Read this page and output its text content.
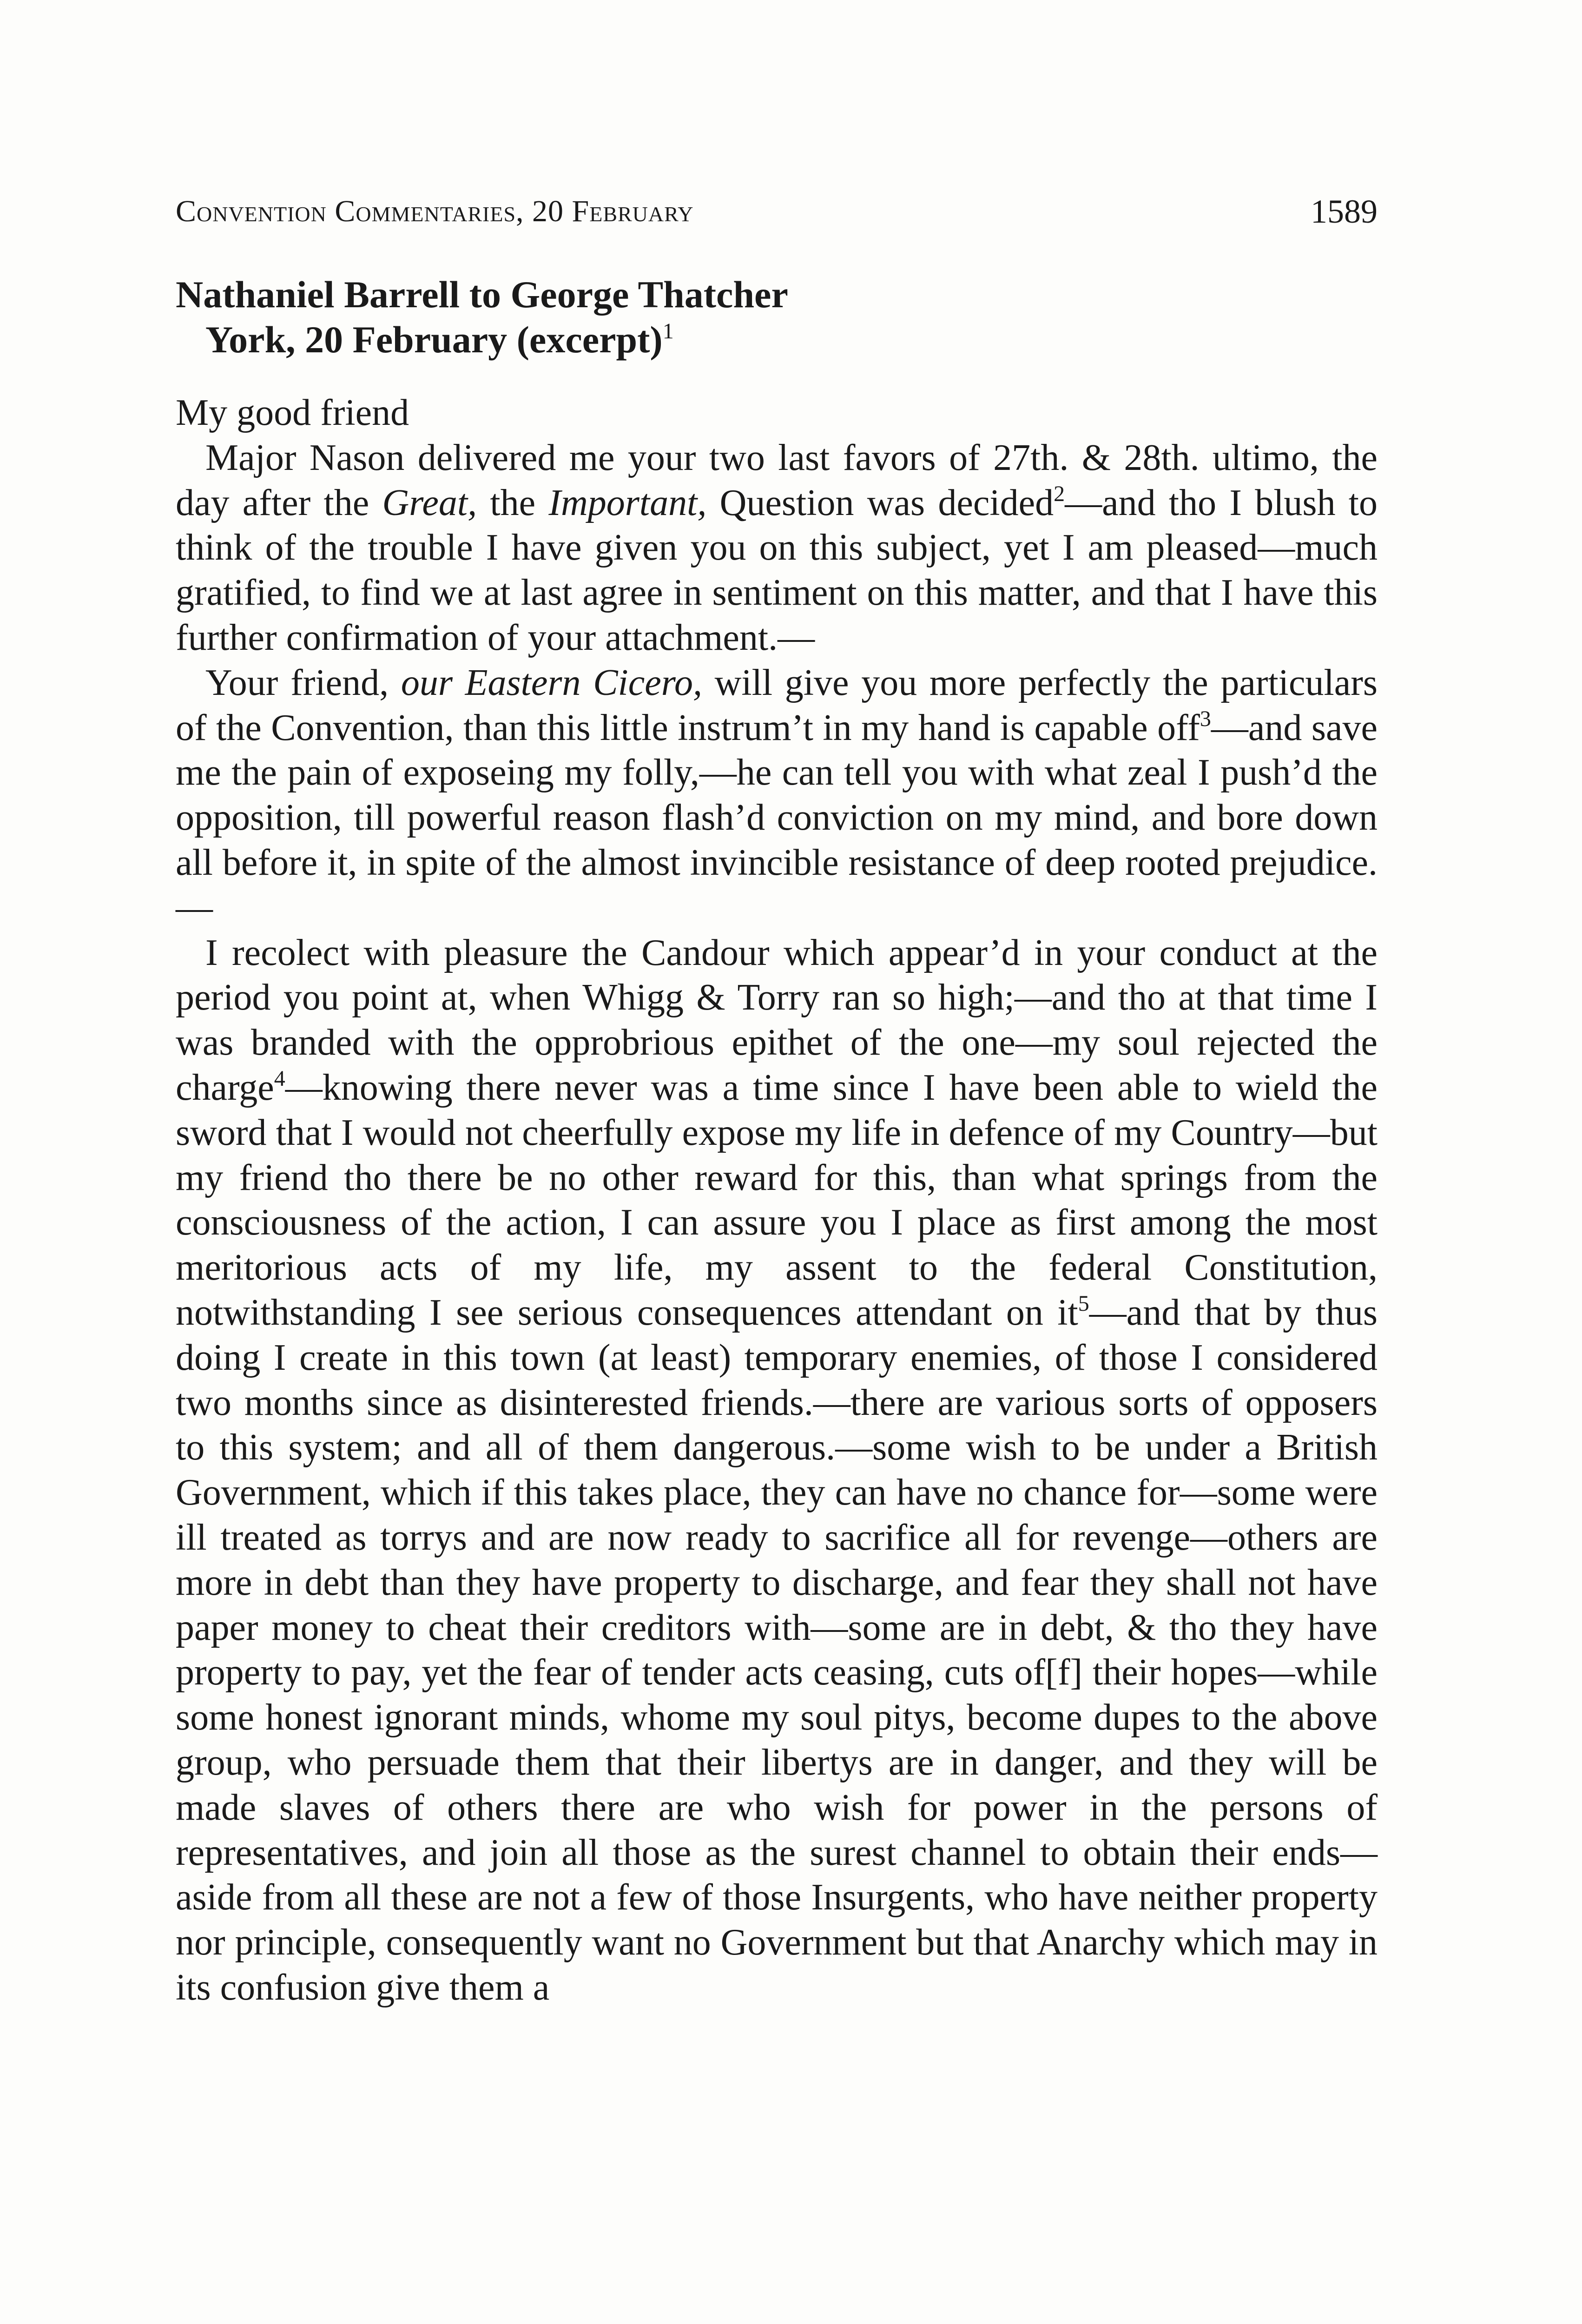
Convention Commentaries, 20 February	1589
Nathaniel Barrell to George Thatcher
York, 20 February (excerpt)$^1$

My good friend

Major Nason delivered me your two last favors of 27th. & 28th. ultimo, the day after the Great, the Important, Question was decided$^2$—and tho I blush to think of the trouble I have given you on this subject, yet I am pleased—much gratified, to find we at last agree in sentiment on this matter, and that I have this further confirmation of your attachment.—

Your friend, our Eastern Cicero, will give you more perfectly the particulars of the Convention, than this little instrum’t in my hand is capable off$^3$—and save me the pain of exposeing my folly,—he can tell you with what zeal I push’d the opposition, till powerful reason flash’d conviction on my mind, and bore down all before it, in spite of the almost invincible resistance of deep rooted prejudice.—

I recolect with pleasure the Candour which appear’d in your conduct at the period you point at, when Whigg & Torry ran so high;—and tho at that time I was branded with the opprobrious epithet of the one—my soul rejected the charge$^4$—knowing there never was a time since I have been able to wield the sword that I would not cheerfully expose my life in defence of my Country—but my friend tho there be no other reward for this, than what springs from the consciousness of the action, I can assure you I place as first among the most meritorious acts of my life, my assent to the federal Constitution, notwithstanding I see serious consequences attendant on $it^5—and$ that by thus doing I create in this town (at least) temporary enemies, of those I considered two months since as disinterested friends.—there are various sorts of opposers to this system; and all of them dangerous.—some wish to be under a British Government, which if this takes place, they can have no chance for—some were ill treated as torrys and are now ready to sacrifice all for revenge—others are more in debt than they have property to discharge, and fear they shall not have paper money to cheat their creditors with—some are in debt, & tho they have property to pay, yet the fear of tender acts ceasing, cuts of[f] their hopes—while some honest ignorant minds, whome my soul pitys, become dupes to the above group, who persuade them that their libertys are in danger, and they will be made slaves of others there are who wish for power in the persons of representatives, and join all those as the surest channel to obtain their ends—aside from all these are not a few of those Insurgents, who have neither property nor principle, consequently want no Government but that Anarchy which may in its confusion give them a
